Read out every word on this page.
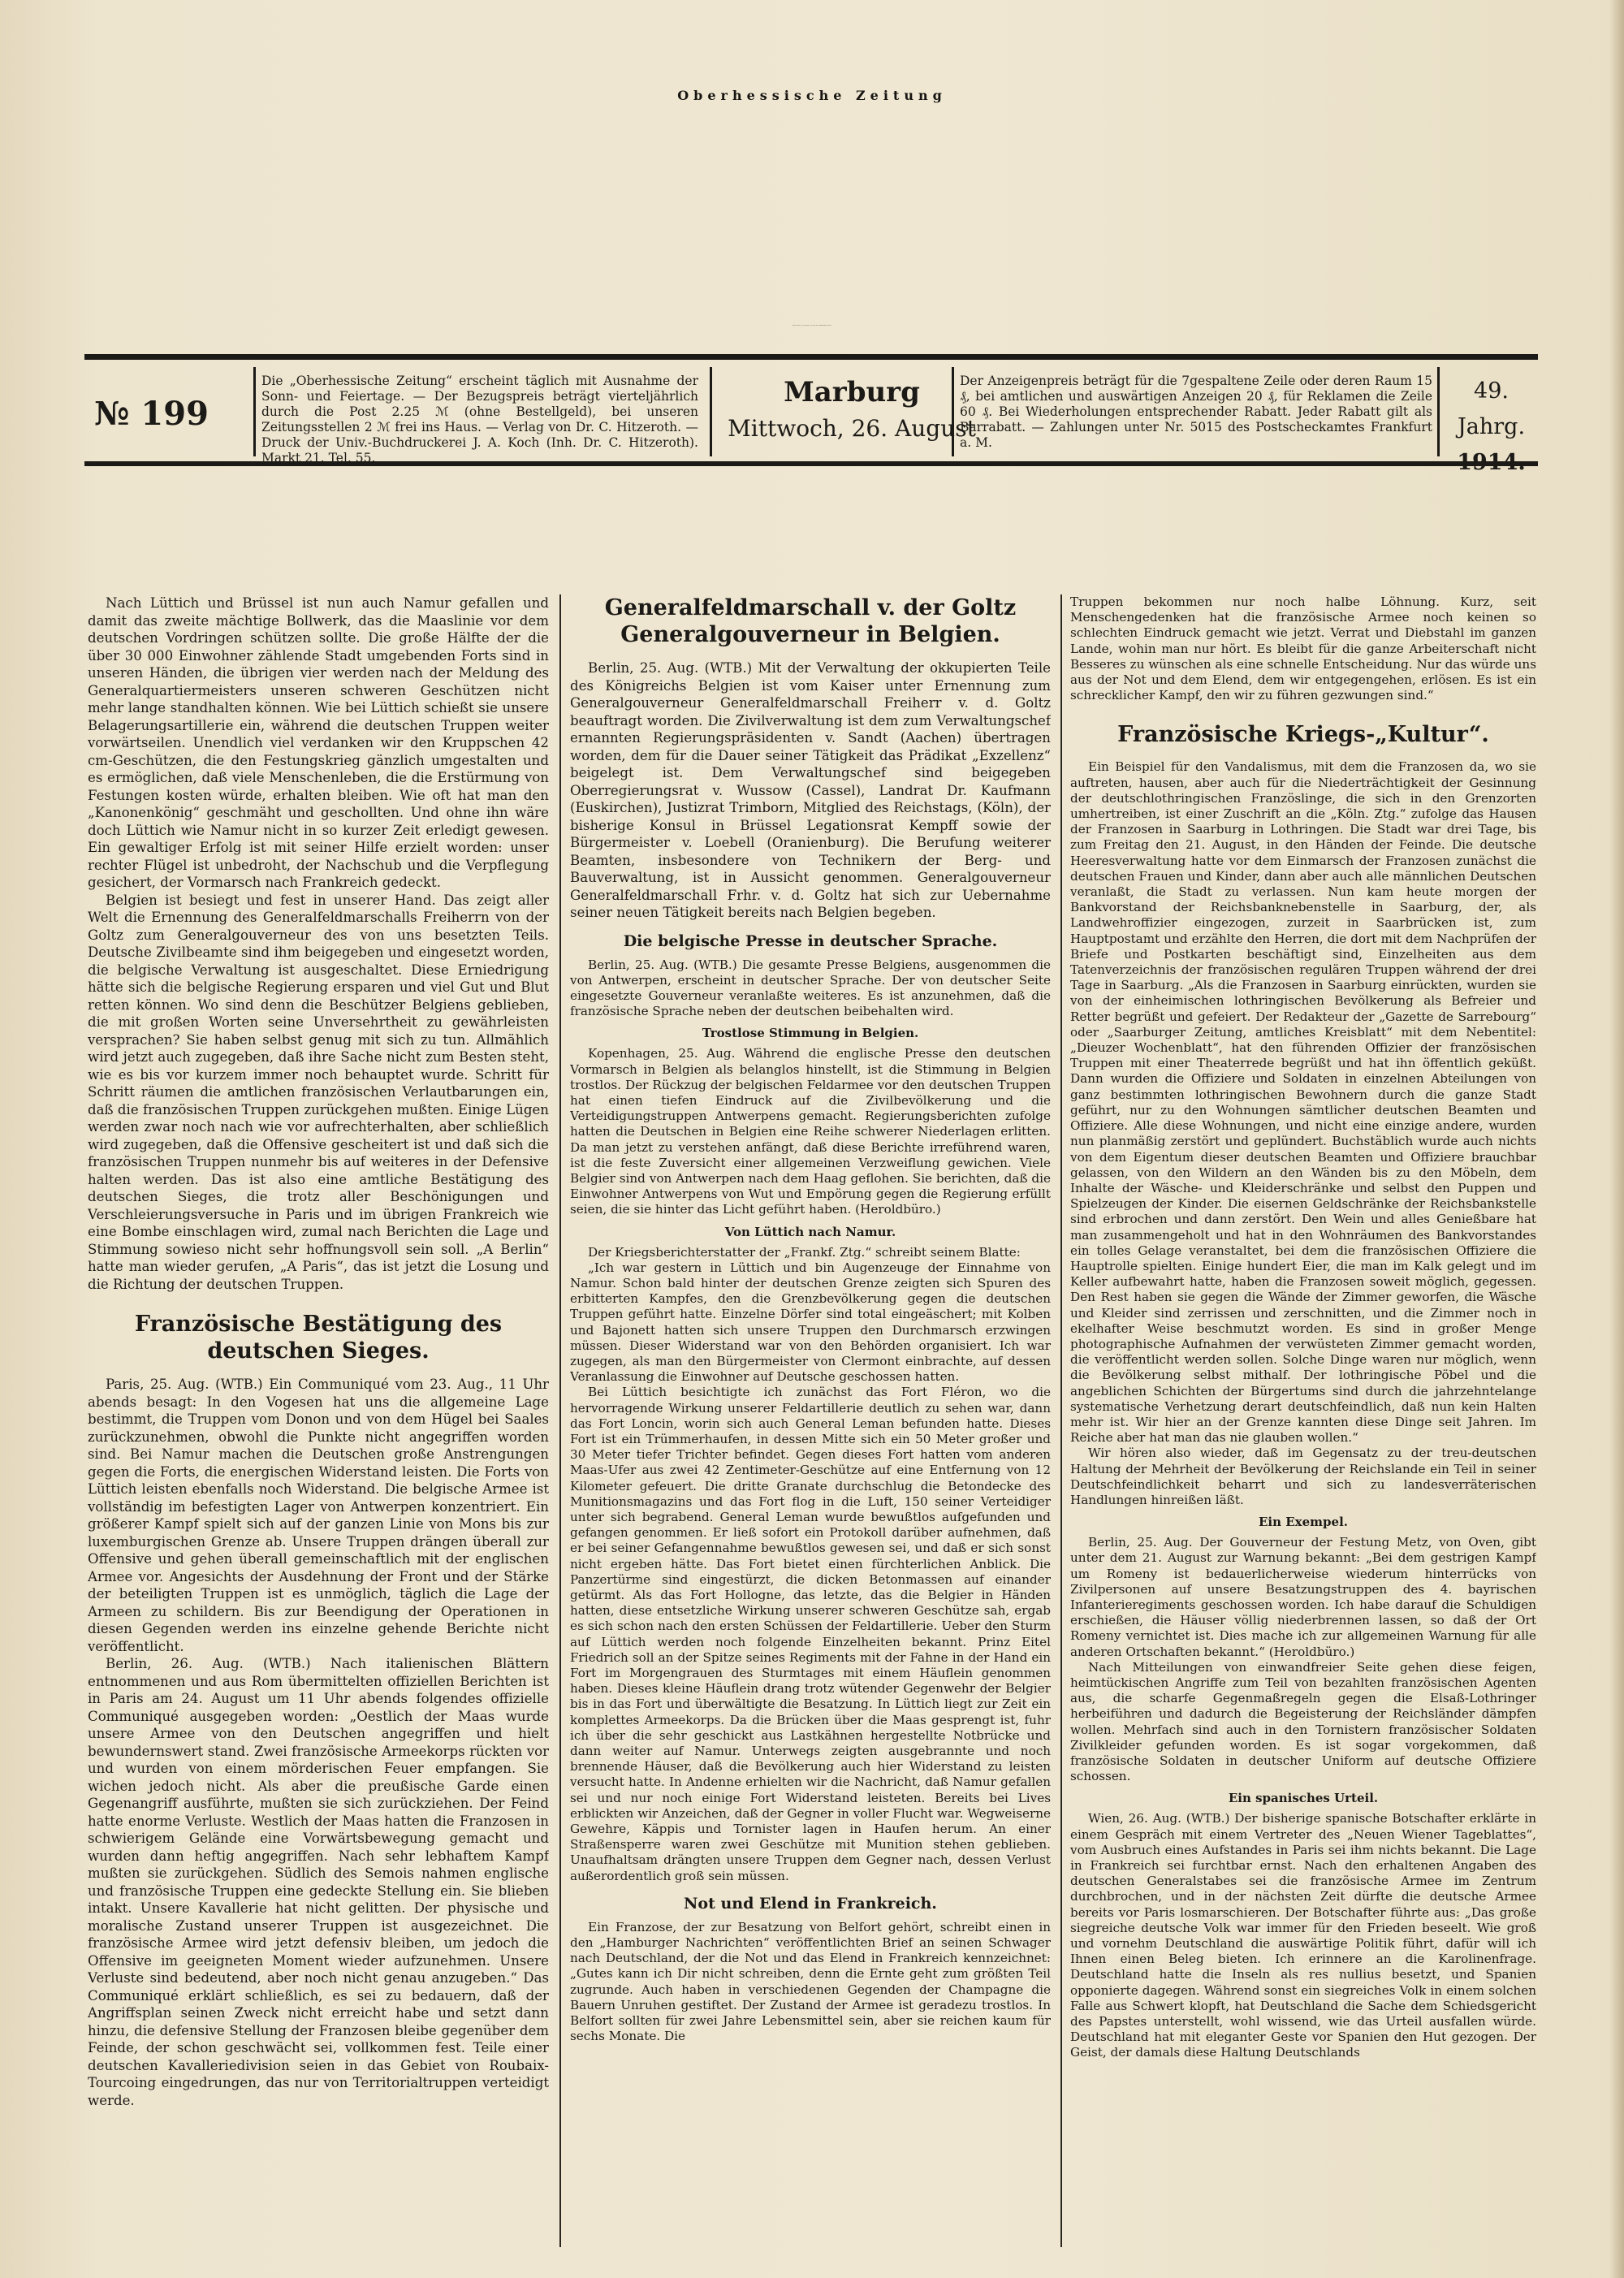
Oberhessische Zeitung
und den Beilagen: „Nach Feierabend“, „Fürs Haus“ und „Landwirtschaftliche Beilage“.
№ 199
Die „Oberhessische Zeitung“ erscheint täglich mit Ausnahme der Sonn- und Feiertage. — Der Bezugspreis beträgt vierteljährlich durch die Post 2.25 ℳ (ohne Bestellgeld), bei unseren Zeitungsstellen 2 ℳ frei ins Haus. — Verlag von Dr. C. Hitzeroth. — Druck der Univ.-Buchdruckerei J. A. Koch (Inh. Dr. C. Hitzeroth). Markt 21. Tel. 55.
Marburg
Mittwoch, 26. August
Der Anzeigenpreis beträgt für die 7gespaltene Zeile oder deren Raum 15 ₰, bei amtlichen und auswärtigen Anzeigen 20 ₰, für Reklamen die Zeile 60 ₰. Bei Wiederholungen entsprechender Rabatt. Jeder Rabatt gilt als Barrabatt. — Zahlungen unter Nr. 5015 des Postscheckamtes Frankfurt a. M.
49. Jahrg.
1914.

Nach Lüttich und Brüssel ist nun auch Namur gefallen und damit das zweite mächtige Bollwerk, das die Maaslinie vor dem deutschen Vordringen schützen sollte. Die große Hälfte der die über 30 000 Einwohner zählende Stadt umgebenden Forts sind in unseren Händen, die übrigen vier werden nach der Meldung des Generalquartiermeisters unseren schweren Geschützen nicht mehr lange standhalten können. Wie bei Lüttich schießt sie unsere Belagerungsartillerie ein, während die deutschen Truppen weiter vorwärtseilen. Unendlich viel verdanken wir den Kruppschen 42 cm-Geschützen, die den Festungskrieg gänzlich umgestalten und es ermöglichen, daß viele Menschenleben, die die Erstürmung von Festungen kosten würde, erhalten bleiben. Wie oft hat man den „Kanonenkönig“ geschmäht und geschollten. Und ohne ihn wäre doch Lüttich wie Namur nicht in so kurzer Zeit erledigt gewesen. Ein gewaltiger Erfolg ist mit seiner Hilfe erzielt worden: unser rechter Flügel ist unbedroht, der Nachschub und die Verpflegung gesichert, der Vormarsch nach Frankreich gedeckt.

Belgien ist besiegt und fest in unserer Hand. Das zeigt aller Welt die Ernennung des Generalfeldmarschalls Freiherrn von der Goltz zum Generalgouverneur des von uns besetzten Teils. Deutsche Zivilbeamte sind ihm beigegeben und eingesetzt worden, die belgische Verwaltung ist ausgeschaltet. Diese Erniedrigung hätte sich die belgische Regierung ersparen und viel Gut und Blut retten können. Wo sind denn die Beschützer Belgiens geblieben, die mit großen Worten seine Unversehrtheit zu gewährleisten versprachen? Sie haben selbst genug mit sich zu tun. Allmählich wird jetzt auch zugegeben, daß ihre Sache nicht zum Besten steht, wie es bis vor kurzem immer noch behauptet wurde. Schritt für Schritt räumen die amtlichen französischen Verlautbarungen ein, daß die französischen Truppen zurückgehen mußten. Einige Lügen werden zwar noch nach wie vor aufrechterhalten, aber schließlich wird zugegeben, daß die Offensive gescheitert ist und daß sich die französischen Truppen nunmehr bis auf weiteres in der Defensive halten werden. Das ist also eine amtliche Bestätigung des deutschen Sieges, die trotz aller Beschönigungen und Verschleierungsversuche in Paris und im übrigen Frankreich wie eine Bombe einschlagen wird, zumal nach Berichten die Lage und Stimmung sowieso nicht sehr hoffnungsvoll sein soll. „A Berlin“ hatte man wieder gerufen, „A Paris“, das ist jetzt die Losung und die Richtung der deutschen Truppen.

Französische Bestätigung des deutschen Sieges.

Paris, 25. Aug. (WTB.) Ein Communiqué vom 23. Aug., 11 Uhr abends besagt: In den Vogesen hat uns die allgemeine Lage bestimmt, die Truppen vom Donon und von dem Hügel bei Saales zurückzunehmen, obwohl die Punkte nicht angegriffen worden sind. Bei Namur machen die Deutschen große Anstrengungen gegen die Forts, die energischen Widerstand leisten. Die Forts von Lüttich leisten ebenfalls noch Widerstand. Die belgische Armee ist vollständig im befestigten Lager von Antwerpen konzentriert. Ein größerer Kampf spielt sich auf der ganzen Linie von Mons bis zur luxemburgischen Grenze ab. Unsere Truppen drängen überall zur Offensive und gehen überall gemeinschaftlich mit der englischen Armee vor. Angesichts der Ausdehnung der Front und der Stärke der beteiligten Truppen ist es unmöglich, täglich die Lage der Armeen zu schildern. Bis zur Beendigung der Operationen in diesen Gegenden werden ins einzelne gehende Berichte nicht veröffentlicht.

Berlin, 26. Aug. (WTB.) Nach italienischen Blättern entnommenen und aus Rom übermittelten offiziellen Berichten ist in Paris am 24. August um 11 Uhr abends folgendes offizielle Communiqué ausgegeben worden: „Oestlich der Maas wurde unsere Armee von den Deutschen angegriffen und hielt bewundernswert stand. Zwei französische Armeekorps rückten vor und wurden von einem mörderischen Feuer empfangen. Sie wichen jedoch nicht. Als aber die preußische Garde einen Gegenangriff ausführte, mußten sie sich zurückziehen. Der Feind hatte enorme Verluste. Westlich der Maas hatten die Franzosen in schwierigem Gelände eine Vorwärtsbewegung gemacht und wurden dann heftig angegriffen. Nach sehr lebhaftem Kampf mußten sie zurückgehen. Südlich des Semois nahmen englische und französische Truppen eine gedeckte Stellung ein. Sie blieben intakt. Unsere Kavallerie hat nicht gelitten. Der physische und moralische Zustand unserer Truppen ist ausgezeichnet. Die französische Armee wird jetzt defensiv bleiben, um jedoch die Offensive im geeigneten Moment wieder aufzunehmen. Unsere Verluste sind bedeutend, aber noch nicht genau anzugeben.“ Das Communiqué erklärt schließlich, es sei zu bedauern, daß der Angriffsplan seinen Zweck nicht erreicht habe und setzt dann hinzu, die defensive Stellung der Franzosen bleibe gegenüber dem Feinde, der schon geschwächt sei, vollkommen fest. Teile einer deutschen Kavalleriedivision seien in das Gebiet von Roubaix-Tourcoing eingedrungen, das nur von Territorialtruppen verteidigt werde.

Generalfeldmarschall v. der Goltz Generalgouverneur in Belgien.

Berlin, 25. Aug. (WTB.) Mit der Verwaltung der okkupierten Teile des Königreichs Belgien ist vom Kaiser unter Ernennung zum Generalgouverneur Generalfeldmarschall Freiherr v. d. Goltz beauftragt worden. Die Zivilverwaltung ist dem zum Verwaltungschef ernannten Regierungspräsidenten v. Sandt (Aachen) übertragen worden, dem für die Dauer seiner Tätigkeit das Prädikat „Exzellenz“ beigelegt ist. Dem Verwaltungschef sind beigegeben Oberregierungsrat v. Wussow (Cassel), Landrat Dr. Kaufmann (Euskirchen), Justizrat Trimborn, Mitglied des Reichstags, (Köln), der bisherige Konsul in Brüssel Legationsrat Kempff sowie der Bürgermeister v. Loebell (Oranienburg). Die Berufung weiterer Beamten, insbesondere von Technikern der Berg- und Bauverwaltung, ist in Aussicht genommen. Generalgouverneur Generalfeldmarschall Frhr. v. d. Goltz hat sich zur Uebernahme seiner neuen Tätigkeit bereits nach Belgien begeben.

Die belgische Presse in deutscher Sprache.

Berlin, 25. Aug. (WTB.) Die gesamte Presse Belgiens, ausgenommen die von Antwerpen, erscheint in deutscher Sprache. Der von deutscher Seite eingesetzte Gouverneur veranlaßte weiteres. Es ist anzunehmen, daß die französische Sprache neben der deutschen beibehalten wird.

Trostlose Stimmung in Belgien.

Kopenhagen, 25. Aug. Während die englische Presse den deutschen Vormarsch in Belgien als belanglos hinstellt, ist die Stimmung in Belgien trostlos. Der Rückzug der belgischen Feldarmee vor den deutschen Truppen hat einen tiefen Eindruck auf die Zivilbevölkerung und die Verteidigungstruppen Antwerpens gemacht. Regierungsberichten zufolge hatten die Deutschen in Belgien eine Reihe schwerer Niederlagen erlitten. Da man jetzt zu verstehen anfängt, daß diese Berichte irreführend waren, ist die feste Zuversicht einer allgemeinen Verzweiflung gewichen. Viele Belgier sind von Antwerpen nach dem Haag geflohen. Sie berichten, daß die Einwohner Antwerpens von Wut und Empörung gegen die Regierung erfüllt seien, die sie hinter das Licht geführt haben. (Heroldbüro.)

Von Lüttich nach Namur.

Der Kriegsberichterstatter der „Frankf. Ztg.“ schreibt seinem Blatte:

„Ich war gestern in Lüttich und bin Augenzeuge der Einnahme von Namur. Schon bald hinter der deutschen Grenze zeigten sich Spuren des erbitterten Kampfes, den die Grenzbevölkerung gegen die deutschen Truppen geführt hatte. Einzelne Dörfer sind total eingeäschert; mit Kolben und Bajonett hatten sich unsere Truppen den Durchmarsch erzwingen müssen. Dieser Widerstand war von den Behörden organisiert. Ich war zugegen, als man den Bürgermeister von Clermont einbrachte, auf dessen Veranlassung die Einwohner auf Deutsche geschossen hatten.

Bei Lüttich besichtigte ich zunächst das Fort Fléron, wo die hervorragende Wirkung unserer Feldartillerie deutlich zu sehen war, dann das Fort Loncin, worin sich auch General Leman befunden hatte. Dieses Fort ist ein Trümmerhaufen, in dessen Mitte sich ein 50 Meter großer und 30 Meter tiefer Trichter befindet. Gegen dieses Fort hatten vom anderen Maas-Ufer aus zwei 42 Zentimeter-Geschütze auf eine Entfernung von 12 Kilometer gefeuert. Die dritte Granate durchschlug die Betondecke des Munitionsmagazins und das Fort flog in die Luft, 150 seiner Verteidiger unter sich begrabend. General Leman wurde bewußtlos aufgefunden und gefangen genommen. Er ließ sofort ein Protokoll darüber aufnehmen, daß er bei seiner Gefangennahme bewußtlos gewesen sei, und daß er sich sonst nicht ergeben hätte. Das Fort bietet einen fürchterlichen Anblick. Die Panzertürme sind eingestürzt, die dicken Betonmassen auf einander getürmt. Als das Fort Hollogne, das letzte, das die Belgier in Händen hatten, diese entsetzliche Wirkung unserer schweren Geschütze sah, ergab es sich schon nach den ersten Schüssen der Feldartillerie. Ueber den Sturm auf Lüttich werden noch folgende Einzelheiten bekannt. Prinz Eitel Friedrich soll an der Spitze seines Regiments mit der Fahne in der Hand ein Fort im Morgengrauen des Sturmtages mit einem Häuflein genommen haben. Dieses kleine Häuflein drang trotz wütender Gegenwehr der Belgier bis in das Fort und überwältigte die Besatzung. In Lüttich liegt zur Zeit ein komplettes Armeekorps. Da die Brücken über die Maas gesprengt ist, fuhr ich über die sehr geschickt aus Lastkähnen hergestellte Notbrücke und dann weiter auf Namur. Unterwegs zeigten ausgebrannte und noch brennende Häuser, daß die Bevölkerung auch hier Widerstand zu leisten versucht hatte. In Andenne erhielten wir die Nachricht, daß Namur gefallen sei und nur noch einige Fort Widerstand leisteten. Bereits bei Lives erblickten wir Anzeichen, daß der Gegner in voller Flucht war. Wegweiserne Gewehre, Käppis und Tornister lagen in Haufen herum. An einer Straßensperre waren zwei Geschütze mit Munition stehen geblieben. Unaufhaltsam drängten unsere Truppen dem Gegner nach, dessen Verlust außerordentlich groß sein müssen.

Not und Elend in Frankreich.

Ein Franzose, der zur Besatzung von Belfort gehört, schreibt einen in den „Hamburger Nachrichten“ veröffentlichten Brief an seinen Schwager nach Deutschland, der die Not und das Elend in Frankreich kennzeichnet: „Gutes kann ich Dir nicht schreiben, denn die Ernte geht zum größten Teil zugrunde. Auch haben in verschiedenen Gegenden der Champagne die Bauern Unruhen gestiftet. Der Zustand der Armee ist geradezu trostlos. In Belfort sollten für zwei Jahre Lebensmittel sein, aber sie reichen kaum für sechs Monate. Die

Truppen bekommen nur noch halbe Löhnung. Kurz, seit Menschengedenken hat die französische Armee noch keinen so schlechten Eindruck gemacht wie jetzt. Verrat und Diebstahl im ganzen Lande, wohin man nur hört. Es bleibt für die ganze Arbeiterschaft nicht Besseres zu wünschen als eine schnelle Entscheidung. Nur das würde uns aus der Not und dem Elend, dem wir entgegengehen, erlösen. Es ist ein schrecklicher Kampf, den wir zu führen gezwungen sind.“

Französische Kriegs-„Kultur“.

Ein Beispiel für den Vandalismus, mit dem die Franzosen da, wo sie auftreten, hausen, aber auch für die Niederträchtigkeit der Gesinnung der deutschlothringischen Französlinge, die sich in den Grenzorten umhertreiben, ist einer Zuschrift an die „Köln. Ztg.“ zufolge das Hausen der Franzosen in Saarburg in Lothringen. Die Stadt war drei Tage, bis zum Freitag den 21. August, in den Händen der Feinde. Die deutsche Heeresverwaltung hatte vor dem Einmarsch der Franzosen zunächst die deutschen Frauen und Kinder, dann aber auch alle männlichen Deutschen veranlaßt, die Stadt zu verlassen. Nun kam heute morgen der Bankvorstand der Reichsbanknebenstelle in Saarburg, der, als Landwehroffizier eingezogen, zurzeit in Saarbrücken ist, zum Hauptpostamt und erzählte den Herren, die dort mit dem Nachprüfen der Briefe und Postkarten beschäftigt sind, Einzelheiten aus dem Tatenverzeichnis der französischen regulären Truppen während der drei Tage in Saarburg. „Als die Franzosen in Saarburg einrückten, wurden sie von der einheimischen lothringischen Bevölkerung als Befreier und Retter begrüßt und gefeiert. Der Redakteur der „Gazette de Sarrebourg“ oder „Saarburger Zeitung, amtliches Kreisblatt“ mit dem Nebentitel: „Dieuzer Wochenblatt“, hat den führenden Offizier der französischen Truppen mit einer Theaterrede begrüßt und hat ihn öffentlich geküßt. Dann wurden die Offiziere und Soldaten in einzelnen Abteilungen von ganz bestimmten lothringischen Bewohnern durch die ganze Stadt geführt, nur zu den Wohnungen sämtlicher deutschen Beamten und Offiziere. Alle diese Wohnungen, und nicht eine einzige andere, wurden nun planmäßig zerstört und geplündert. Buchstäblich wurde auch nichts von dem Eigentum dieser deutschen Beamten und Offiziere brauchbar gelassen, von den Wildern an den Wänden bis zu den Möbeln, dem Inhalte der Wäsche- und Kleiderschränke und selbst den Puppen und Spielzeugen der Kinder. Die eisernen Geldschränke der Reichsbankstelle sind erbrochen und dann zerstört. Den Wein und alles Genießbare hat man zusammengeholt und hat in den Wohnräumen des Bankvorstandes ein tolles Gelage veranstaltet, bei dem die französischen Offiziere die Hauptrolle spielten. Einige hundert Eier, die man im Kalk gelegt und im Keller aufbewahrt hatte, haben die Franzosen soweit möglich, gegessen. Den Rest haben sie gegen die Wände der Zimmer geworfen, die Wäsche und Kleider sind zerrissen und zerschnitten, und die Zimmer noch in ekelhafter Weise beschmutzt worden. Es sind in großer Menge photographische Aufnahmen der verwüsteten Zimmer gemacht worden, die veröffentlicht werden sollen. Solche Dinge waren nur möglich, wenn die Bevölkerung selbst mithalf. Der lothringische Pöbel und die angeblichen Schichten der Bürgertums sind durch die jahrzehntelange systematische Verhetzung derart deutschfeindlich, daß nun kein Halten mehr ist. Wir hier an der Grenze kannten diese Dinge seit Jahren. Im Reiche aber hat man das nie glauben wollen.“

Wir hören also wieder, daß im Gegensatz zu der treu-deutschen Haltung der Mehrheit der Bevölkerung der Reichslande ein Teil in seiner Deutschfeindlichkeit beharrt und sich zu landesverräterischen Handlungen hinreißen läßt.

Ein Exempel.

Berlin, 25. Aug. Der Gouverneur der Festung Metz, von Oven, gibt unter dem 21. August zur Warnung bekannt: „Bei dem gestrigen Kampf um Romeny ist bedauerlicherweise wiederum hinterrücks von Zivilpersonen auf unsere Besatzungstruppen des 4. bayrischen Infanterieregiments geschossen worden. Ich habe darauf die Schuldigen erschießen, die Häuser völlig niederbrennen lassen, so daß der Ort Romeny vernichtet ist. Dies mache ich zur allgemeinen Warnung für alle anderen Ortschaften bekannt.“ (Heroldbüro.)

Nach Mitteilungen von einwandfreier Seite gehen diese feigen, heimtückischen Angriffe zum Teil von bezahlten französischen Agenten aus, die scharfe Gegenmaßregeln gegen die Elsaß-Lothringer herbeiführen und dadurch die Begeisterung der Reichsländer dämpfen wollen. Mehrfach sind auch in den Tornistern französischer Soldaten Zivilkleider gefunden worden. Es ist sogar vorgekommen, daß französische Soldaten in deutscher Uniform auf deutsche Offiziere schossen.

Ein spanisches Urteil.

Wien, 26. Aug. (WTB.) Der bisherige spanische Botschafter erklärte in einem Gespräch mit einem Vertreter des „Neuen Wiener Tageblattes“, vom Ausbruch eines Aufstandes in Paris sei ihm nichts bekannt. Die Lage in Frankreich sei furchtbar ernst. Nach den erhaltenen Angaben des deutschen Generalstabes sei die französische Armee im Zentrum durchbrochen, und in der nächsten Zeit dürfte die deutsche Armee bereits vor Paris losmarschieren. Der Botschafter führte aus: „Das große siegreiche deutsche Volk war immer für den Frieden beseelt. Wie groß und vornehm Deutschland die auswärtige Politik führt, dafür will ich Ihnen einen Beleg bieten. Ich erinnere an die Karolinenfrage. Deutschland hatte die Inseln als res nullius besetzt, und Spanien opponierte dagegen. Während sonst ein siegreiches Volk in einem solchen Falle aus Schwert klopft, hat Deutschland die Sache dem Schiedsgericht des Papstes unterstellt, wohl wissend, wie das Urteil ausfallen würde. Deutschland hat mit eleganter Geste vor Spanien den Hut gezogen. Der Geist, der damals diese Haltung Deutschlands
